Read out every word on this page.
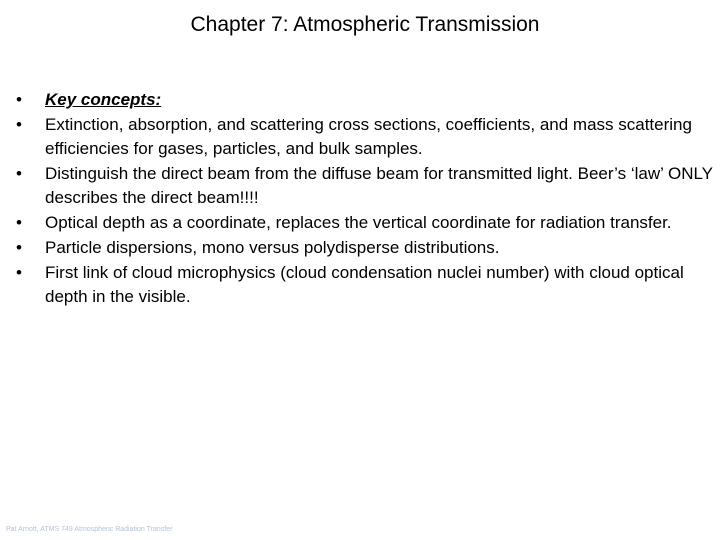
Chapter 7: Atmospheric Transmission
•	Key concepts:
•	Extinction, absorption, and scattering cross sections, coefficients, and mass scattering efficiencies for gases, particles, and bulk samples.
•	Distinguish the direct beam from the diffuse beam for transmitted light. Beer’s ‘law’ ONLY describes the direct beam!!!!
•	Optical depth as a coordinate, replaces the vertical coordinate for radiation transfer.
•	Particle dispersions, mono versus polydisperse distributions.
•	First link of cloud microphysics (cloud condensation nuclei number) with cloud optical depth in the visible.
Pat Arnott, ATMS 749 Atmospheric Radiation Transfer
